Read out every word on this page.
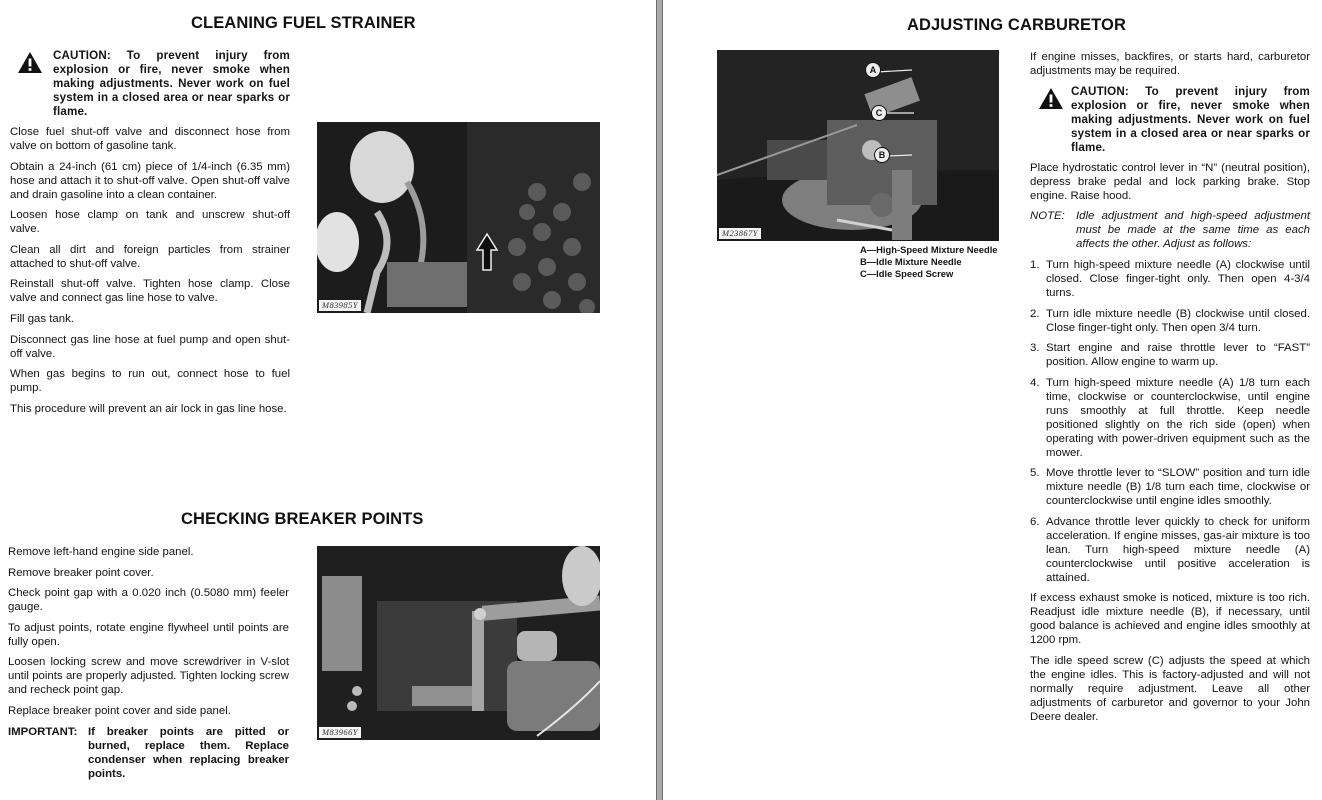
CLEANING FUEL STRAINER
CAUTION: To prevent injury from explosion or fire, never smoke when making adjustments. Never work on fuel system in a closed area or near sparks or flame.

Close fuel shut-off valve and disconnect hose from valve on bottom of gasoline tank.

Obtain a 24-inch (61 cm) piece of 1/4-inch (6.35 mm) hose and attach it to shut-off valve. Open shut-off valve and drain gasoline into a clean container.

Loosen hose clamp on tank and unscrew shut-off valve.

Clean all dirt and foreign particles from strainer attached to shut-off valve.

Reinstall shut-off valve. Tighten hose clamp. Close valve and connect gas line hose to valve.

Fill gas tank.

Disconnect gas line hose at fuel pump and open shut-off valve.

When gas begins to run out, connect hose to fuel pump.

This procedure will prevent an air lock in gas line hose.

M83985Y
CHECKING BREAKER POINTS

Remove left-hand engine side panel.

Remove breaker point cover.

Check point gap with a 0.020 inch (0.5080 mm) feeler gauge.

To adjust points, rotate engine flywheel until points are fully open.

Loosen locking screw and move screwdriver in V-slot until points are properly adjusted. Tighten locking screw and recheck point gap.

Replace breaker point cover and side panel.

IMPORTANT: If breaker points are pitted or burned, replace them. Replace condenser when replacing breaker points.
M83966Y
ADJUSTING CARBURETOR
A
C
B
M23867Y
A—High-Speed Mixture Needle
B—Idle Mixture Needle
C—Idle Speed Screw

If engine misses, backfires, or starts hard, carburetor adjustments may be required.

CAUTION: To prevent injury from explosion or fire, never smoke when making adjustments. Never work on fuel system in a closed area or near sparks or flame.

Place hydrostatic control lever in “N” (neutral position), depress brake pedal and lock parking brake. Stop engine. Raise hood.

NOTE: Idle adjustment and high-speed adjustment must be made at the same time as each affects the other. Adjust as follows:
1. Turn high-speed mixture needle (A) clockwise until closed. Close finger-tight only. Then open 4-3/4 turns.
2. Turn idle mixture needle (B) clockwise until closed. Close finger-tight only. Then open 3/4 turn.
3. Start engine and raise throttle lever to “FAST” position. Allow engine to warm up.
4. Turn high-speed mixture needle (A) 1/8 turn each time, clockwise or counterclockwise, until engine runs smoothly at full throttle. Keep needle positioned slightly on the rich side (open) when operating with power-driven equipment such as the mower.
5. Move throttle lever to “SLOW” position and turn idle mixture needle (B) 1/8 turn each time, clockwise or counterclockwise until engine idles smoothly.
6. Advance throttle lever quickly to check for uniform acceleration. If engine misses, gas-air mixture is too lean. Turn high-speed mixture needle (A) counterclockwise until positive acceleration is attained.

If excess exhaust smoke is noticed, mixture is too rich. Readjust idle mixture needle (B), if necessary, until good balance is achieved and engine idles smoothly at 1200 rpm.

The idle speed screw (C) adjusts the speed at which the engine idles. This is factory-adjusted and will not normally require adjustment. Leave all other adjustments of carburetor and governor to your John Deere dealer.
